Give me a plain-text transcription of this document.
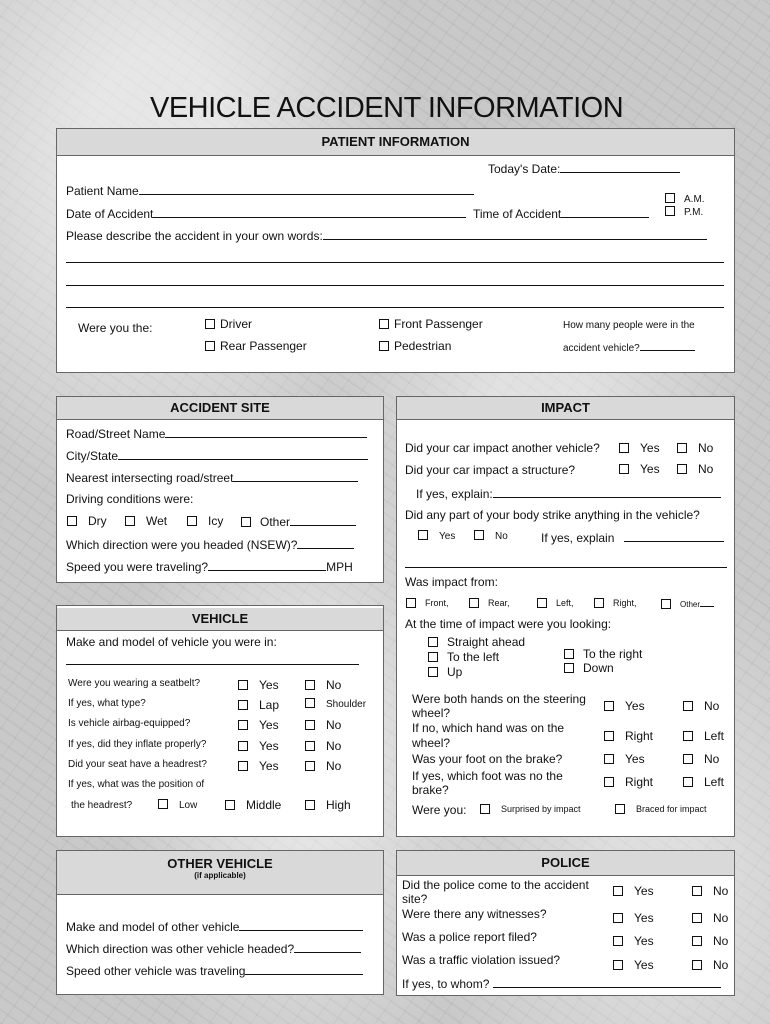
VEHICLE ACCIDENT INFORMATION
PATIENT INFORMATION
Today's Date:
Patient Name
Date of Accident	Time of Accident
A.M.
P.M.
Please describe the accident in your own words:
Were you the:	Driver
Rear Passenger
Front Passenger
Pedestrian
How many people were in the
accident vehicle?
ACCIDENT SITE
Road/Street Name
City/State
Nearest intersecting road/street
Driving conditions were:
Dry	Wet	Icy	Other
Which direction were you headed (NSEW)?
Speed you were traveling?	MPH
IMPACT
Did your car impact another vehicle?	Yes	No
Did your car impact a structure?	Yes	No
If yes, explain:
Did any part of your body strike anything in the vehicle?
Yes	No	If yes, explain
Was impact from:
Front,	Rear,	Left,	Right,	Other
At the time of impact were you looking:
Straight ahead
To the left
Up
To the right
Down
Were both hands on the steering
wheel?	Yes	No
If no, which hand was on the
wheel?	Right	Left
Was your foot on the brake?	Yes	No
If yes, which foot was no the
brake?
Right	Left
Were you:	Surprised by impact	Braced for impact
VEHICLE
Make and model of vehicle you were in:
Were you wearing a seatbelt?	Yes	No
If yes, what type?	Lap	Shoulder
Is vehicle airbag-equipped?	Yes	No
If yes, did they inflate properly?	Yes	No
Did your seat have a headrest?	Yes	No
If yes, what was the position of
the headrest?	Low	Middle	High
OTHER VEHICLE
(if applicable)
Make and model of other vehicle
Which direction was other vehicle headed?
Speed other vehicle was traveling
POLICE
Did the police come to the accident
site?
Yes	No
Were there any witnesses?	Yes	No
Was a police report filed?	Yes	No
Was a traffic violation issued?	Yes	No
If yes, to whom?
